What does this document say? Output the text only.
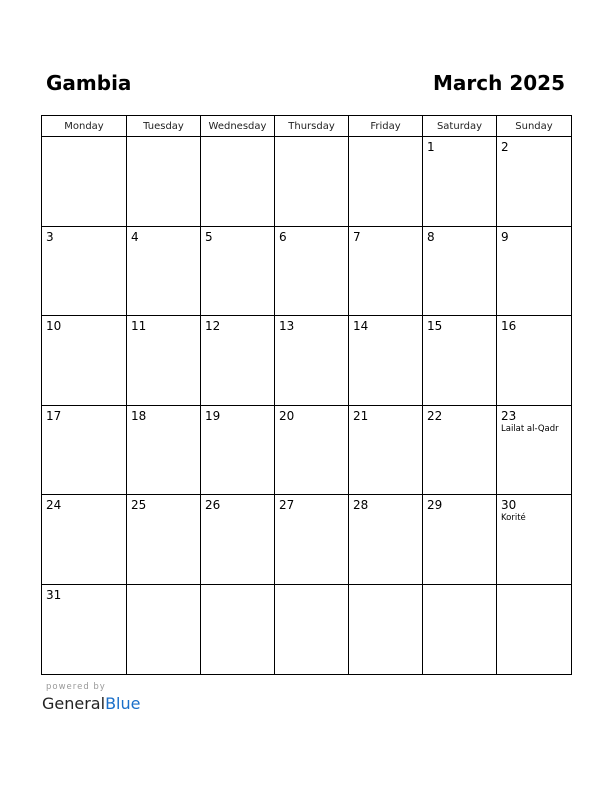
Gambia	March 2025
Monday	Tuesday	Wednesday	Thursday	Friday	Saturday	Sunday

					1	2

3	4	5	6	7	8	9

10	11	12	13	14	15	16

17	18	19	20	21	22	23
Lailat al-Qadr

24	25	26	27	28	29	30
Korité

31						

powered by
GeneralBlue
